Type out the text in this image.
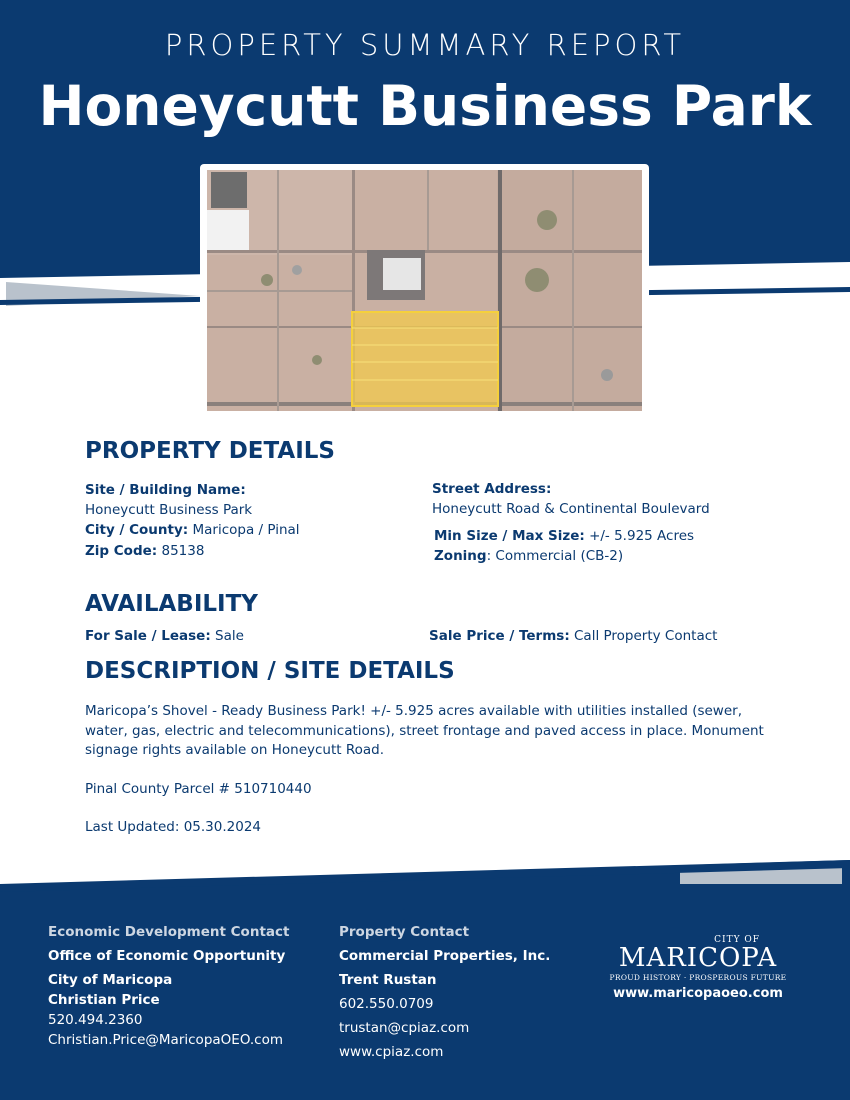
PROPERTY SUMMARY REPORT
Honeycutt Business Park
PROPERTY DETAILS
Site / Building Name:
Honeycutt Business Park
City / County: Maricopa / Pinal
Zip Code: 85138
Street Address:
Honeycutt Road & Continental Boulevard
Min Size / Max Size: +/- 5.925 Acres
Zoning: Commercial (CB-2)
AVAILABILITY
For Sale / Lease: Sale	Sale Price / Terms: Call Property Contact
DESCRIPTION / SITE DETAILS

Maricopa’s Shovel - Ready Business Park! +/- 5.925 acres available with utilities installed (sewer, water, gas, electric and telecommunications), street frontage and paved access in place. Monument signage rights available on Honeycutt Road.

Pinal County Parcel # 510710440

Last Updated: 05.30.2024

Economic Development Contact
Office of Economic Opportunity
City of Maricopa
Christian Price
520.494.2360
Christian.Price@MaricopaOEO.com
Property Contact
Commercial Properties, Inc.
Trent Rustan
602.550.0709
trustan@cpiaz.com
www.cpiaz.com
CITY OF
MARICOPA
PROUD HISTORY · PROSPEROUS FUTURE
www.maricopaoeo.com
